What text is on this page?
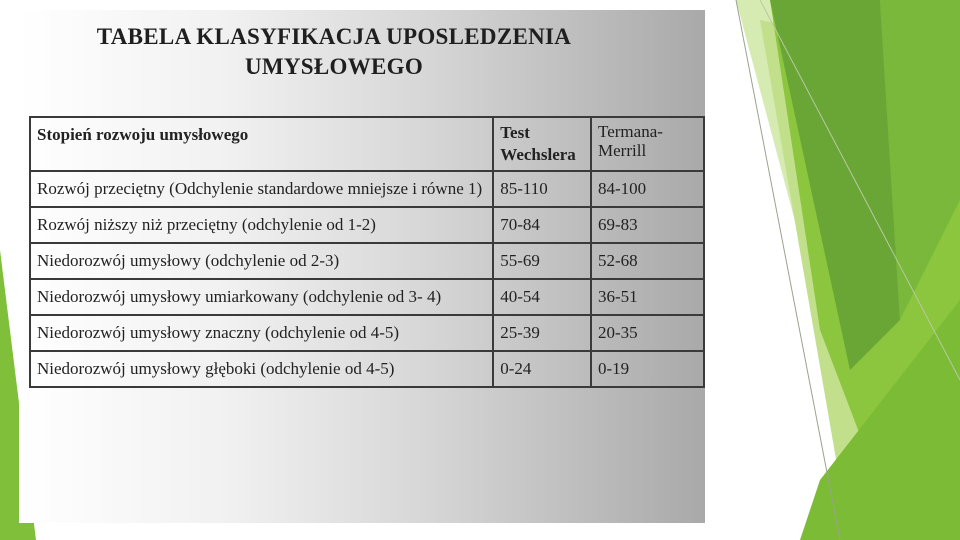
TABELA KLASYFIKACJA UPOSLEDZENIA
UMYSŁOWEGO
Stopień rozwoju umysłowego	Test Wechslera	Termana-Merrill
Rozwój przeciętny (Odchylenie standardowe mniejsze i równe 1)	85-110	84-100
Rozwój niższy niż przeciętny (odchylenie od 1-2)	70-84	69-83
Niedorozwój umysłowy (odchylenie od 2-3)	55-69	52-68
Niedorozwój umysłowy umiarkowany (odchylenie od 3- 4)	40-54	36-51
Niedorozwój umysłowy znaczny (odchylenie od 4-5)	25-39	20-35
Niedorozwój umysłowy głęboki (odchylenie od 4-5)	0-24	0-19
